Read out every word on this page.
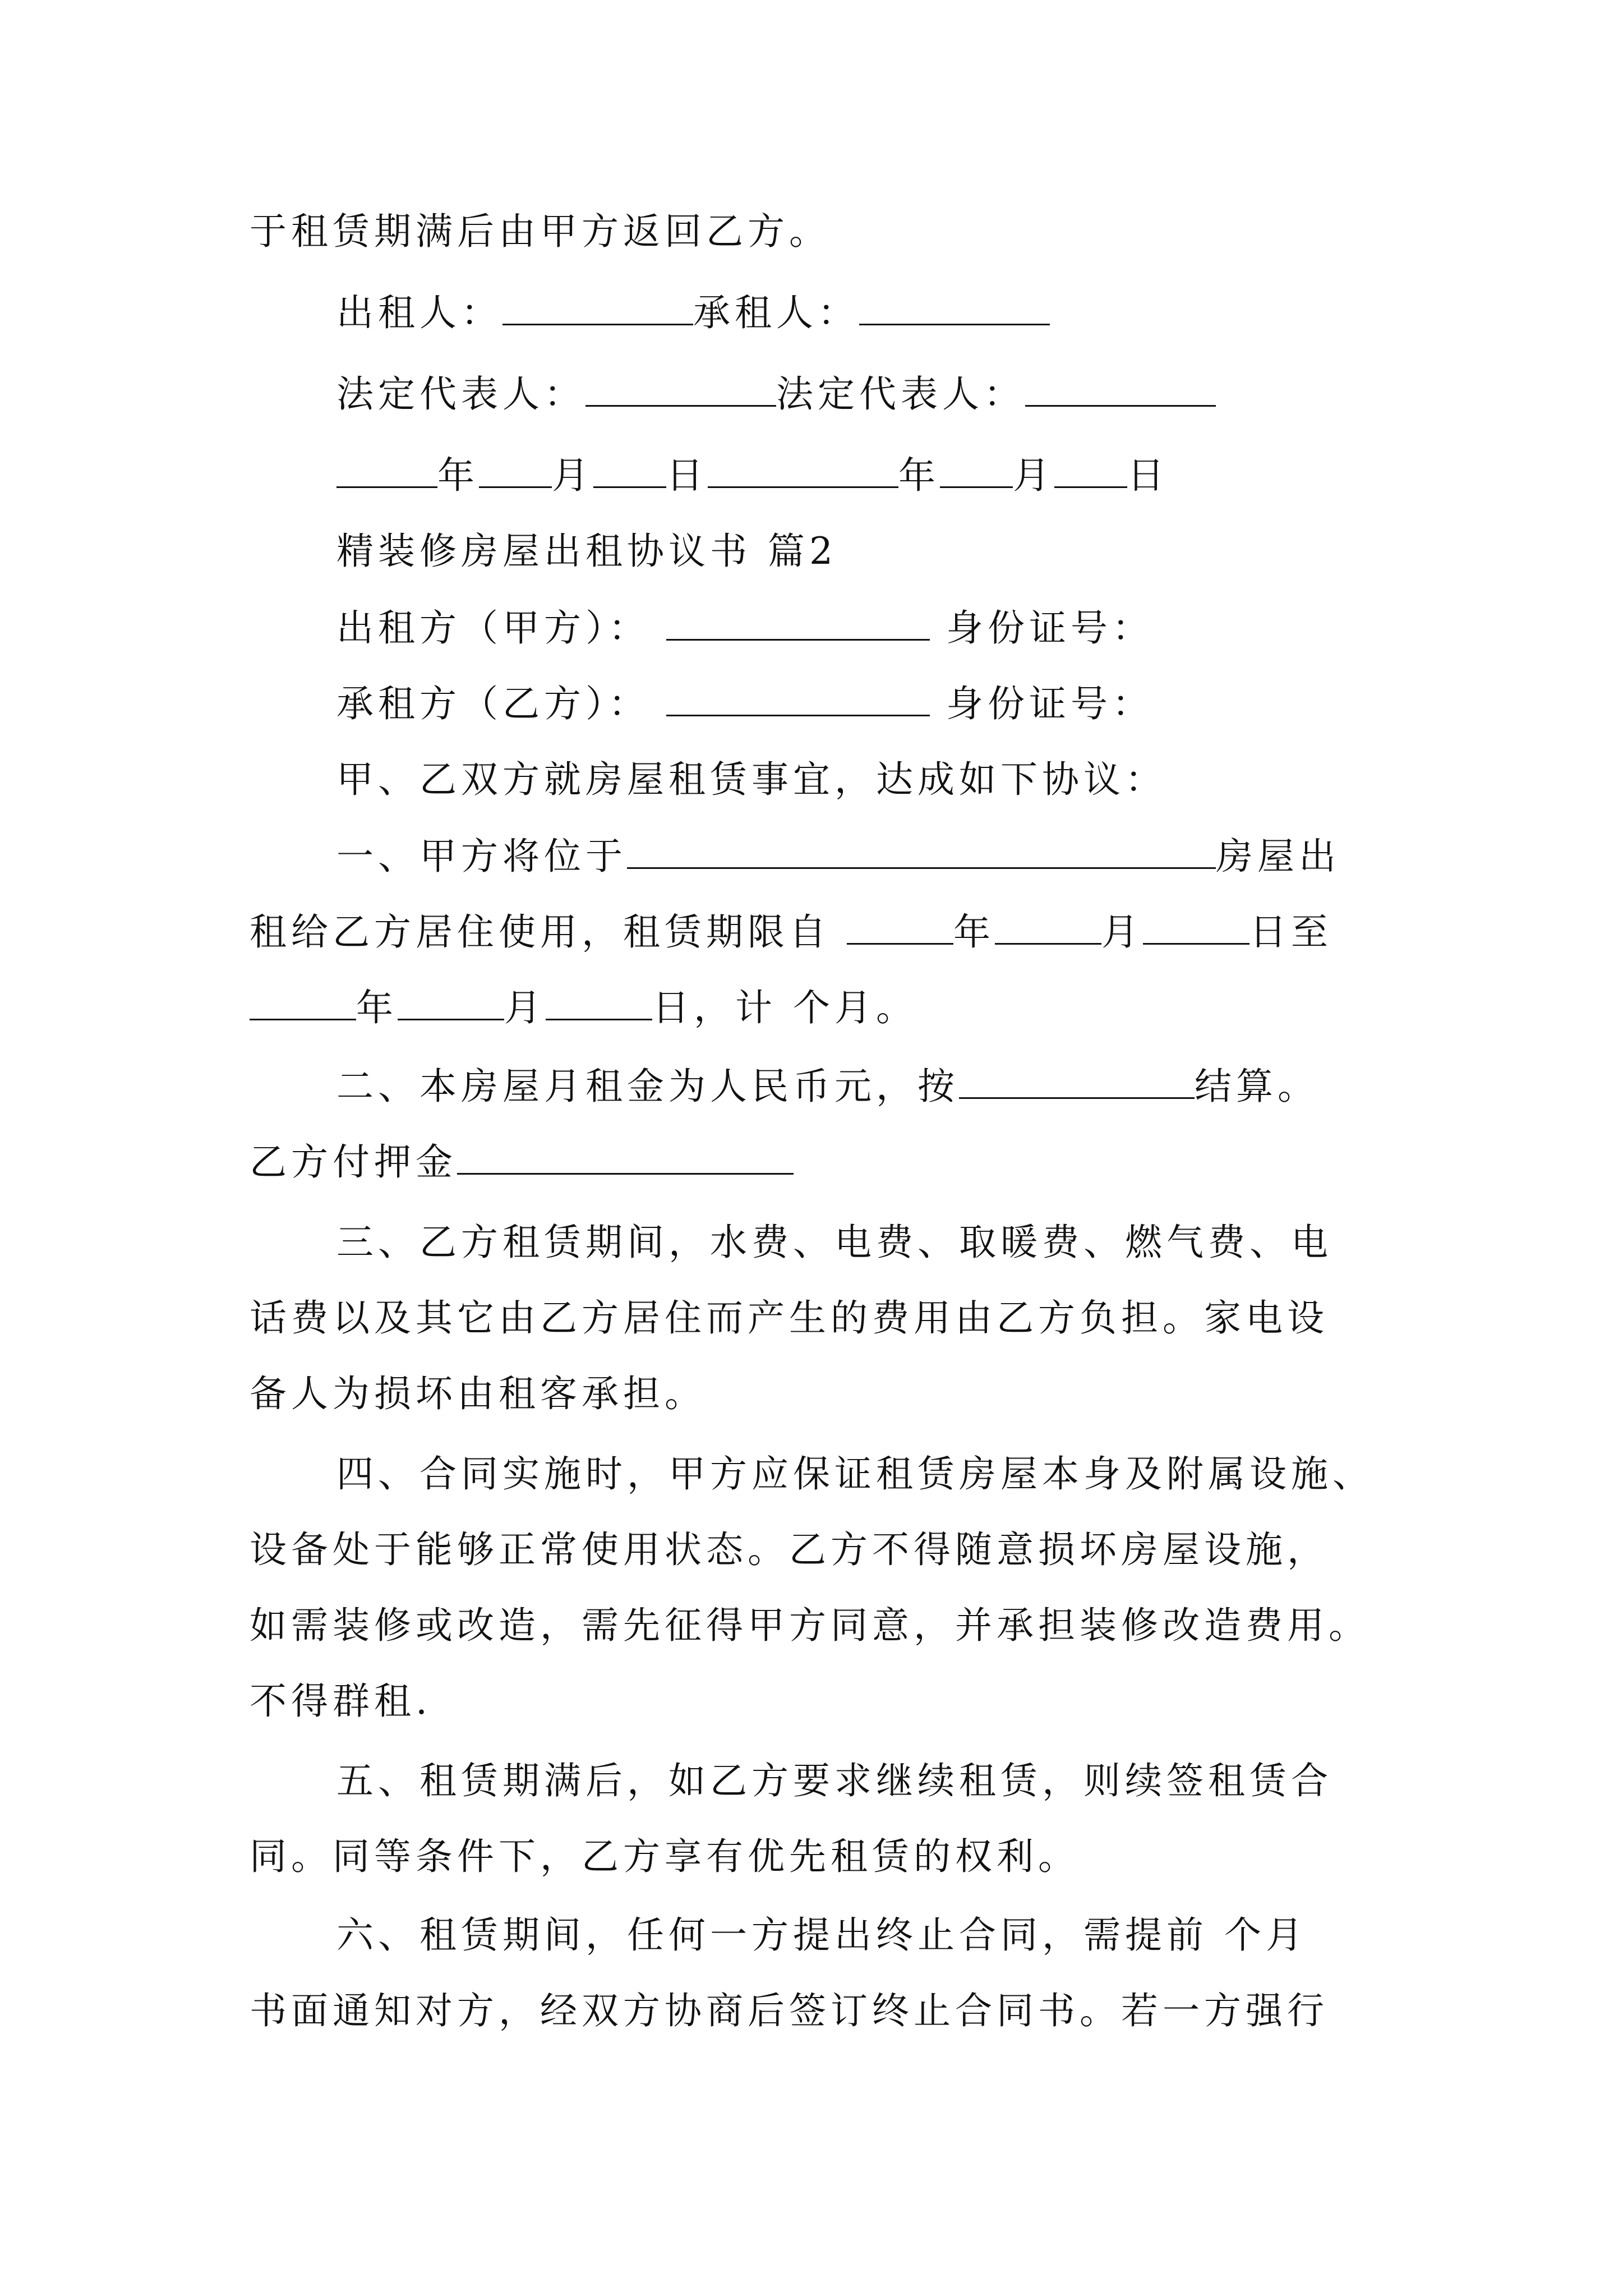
于租赁期满后由甲方返回乙方。
出租人：	承租人：
法定代表人：	法定代表人：
年 月 日	年 月 日
精装修房屋出租协议书 篇2
出租方（甲方）：	身份证号：
承租方（乙方）：	身份证号：
甲、乙双方就房屋租赁事宜，达成如下协议：
一、甲方将位于	房屋出
租给乙方居住使用，租赁期限自	年	月	日至
年	月	日，计 个月。
二、本房屋月租金为人民币元，按	结算。
乙方付押金
三、乙方租赁期间，水费、电费、取暖费、燃气费、电
话费以及其它由乙方居住而产生的费用由乙方负担。家电设
备人为损坏由租客承担。
四、合同实施时，甲方应保证租赁房屋本身及附属设施、
设备处于能够正常使用状态。乙方不得随意损坏房屋设施，
如需装修或改造，需先征得甲方同意，并承担装修改造费用。
不得群租.
五、租赁期满后，如乙方要求继续租赁，则续签租赁合
同。同等条件下，乙方享有优先租赁的权利。
六、租赁期间，任何一方提出终止合同，需提前 个月
书面通知对方，经双方协商后签订终止合同书。若一方强行
